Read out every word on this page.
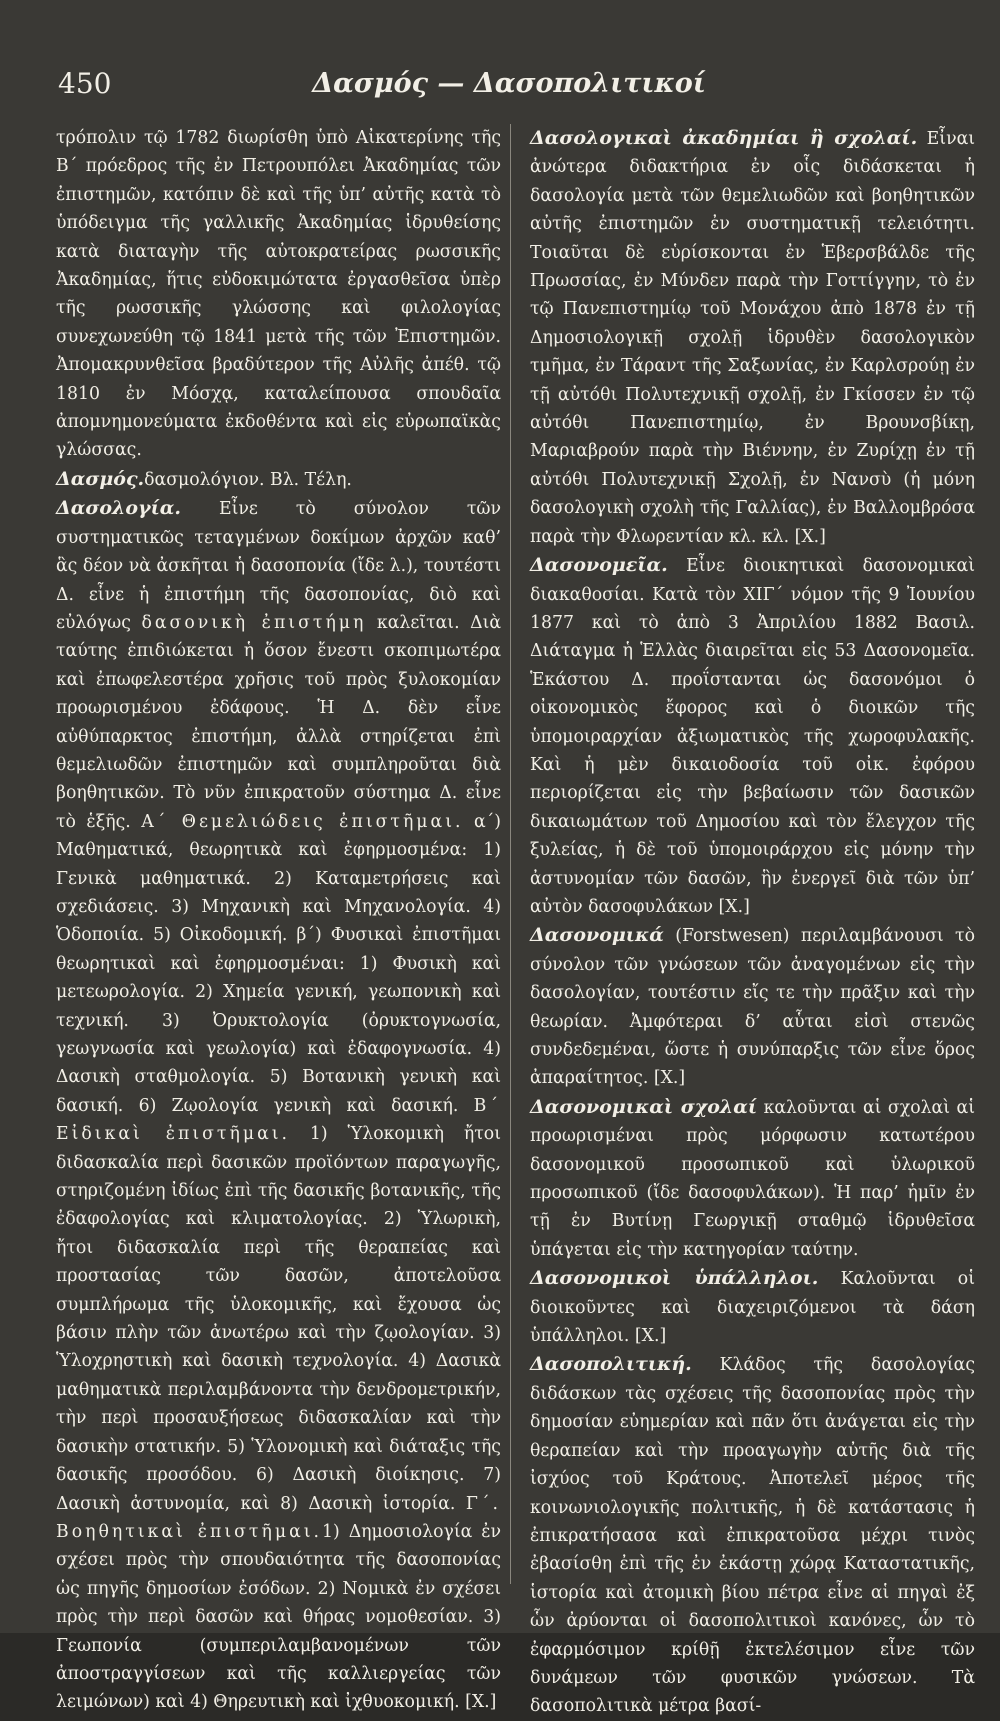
450	Δασμός — Δασοπολιτικοί

τρόπολιν τῷ 1782 διωρίσθη ὑπὸ Αἰκατερίνης τῆς Β΄ πρόεδρος τῆς ἐν Πετρουπόλει Ἀκαδημίας τῶν ἐπιστημῶν, κατόπιν δὲ καὶ τῆς ὑπ’ αὐτῆς κατὰ τὸ ὑπόδειγμα τῆς γαλλικῆς Ἀκαδημίας ἱδρυθείσης κατὰ διαταγὴν τῆς αὐτοκρατείρας ρωσσικῆς Ἀκαδημίας, ἥτις εὐδοκιμώτατα ἐργασθεῖσα ὑπὲρ τῆς ρωσσικῆς γλώσσης καὶ φιλολογίας συνεχωνεύθη τῷ 1841 μετὰ τῆς τῶν Ἐπιστημῶν. Ἀπομακρυνθεῖσα βραδύτερον τῆς Αὐλῆς ἀπέθ. τῷ 1810 ἐν Μόσχᾳ, καταλείπουσα σπουδαῖα ἀπομνημονεύματα ἐκδοθέντα καὶ εἰς εὐρωπαϊκὰς γλώσσας.

Δασμός.δασμολόγιον. Βλ. Τέλη.

Δασολογία. Εἶνε τὸ σύνολον τῶν συστηματικῶς τεταγμένων δοκίμων ἀρχῶν καθ’ ἃς δέον νὰ ἀσκῆται ἡ δασοπονία (ἴδε λ.), τουτέστι Δ. εἶνε ἡ ἐπιστήμη τῆς δασοπονίας, διὸ καὶ εὐλόγως δασονικὴ ἐπιστήμη καλεῖται. Διὰ ταύτης ἐπιδιώκεται ἡ ὅσον ἔνεστι σκοπιμωτέρα καὶ ἐπωφελεστέρα χρῆσις τοῦ πρὸς ξυλοκομίαν προωρισμένου ἐδάφους. Ἡ Δ. δὲν εἶνε αὐθύπαρκτος ἐπιστήμη, ἀλλὰ στηρίζεται ἐπὶ θεμελιωδῶν ἐπιστημῶν καὶ συμπληροῦται διὰ βοηθητικῶν. Τὸ νῦν ἐπικρατοῦν σύστημα Δ. εἶνε τὸ ἑξῆς. Α΄ Θεμελιώδεις ἐπιστῆμαι. α΄) Μαθηματικά, θεωρητικὰ καὶ ἐφηρμοσμένα: 1) Γενικὰ μαθηματικά. 2) Καταμετρήσεις καὶ σχεδιάσεις. 3) Μηχανικὴ καὶ Μηχανολογία. 4) Ὁδοποιία. 5) Οἰκοδομική. β΄) Φυσικαὶ ἐπιστῆμαι θεωρητικαὶ καὶ ἐφηρμοσμέναι: 1) Φυσικὴ καὶ μετεωρολογία. 2) Χημεία γενική, γεωπονικὴ καὶ τεχνική. 3) Ὀρυκτολογία (ὀρυκτογνωσία, γεωγνωσία καὶ γεωλογία) καὶ ἐδαφογνωσία. 4) Δασικὴ σταθμολογία. 5) Βοτανικὴ γενικὴ καὶ δασική. 6) Ζῳολογία γενικὴ καὶ δασική. Β΄ Εἰδικαὶ ἐπιστῆμαι. 1) Ὑλοκομικὴ ἤτοι διδασκαλία περὶ δασικῶν προϊόντων παραγωγῆς, στηριζομένη ἰδίως ἐπὶ τῆς δασικῆς βοτανικῆς, τῆς ἐδαφολογίας καὶ κλιματολογίας. 2) Ὑλωρικὴ, ἤτοι διδασκαλία περὶ τῆς θεραπείας καὶ προστασίας τῶν δασῶν, ἀποτελοῦσα συμπλήρωμα τῆς ὑλοκομικῆς, καὶ ἔχουσα ὡς βάσιν πλὴν τῶν ἀνωτέρω καὶ τὴν ζῳολογίαν. 3) Ὑλοχρηστικὴ καὶ δασικὴ τεχνολογία. 4) Δασικὰ μαθηματικὰ περιλαμβάνοντα τὴν δενδρομετρικήν, τὴν περὶ προσαυξήσεως διδασκαλίαν καὶ τὴν δασικὴν στατικήν. 5) Ὑλονομικὴ καὶ διάταξις τῆς δασικῆς προσόδου. 6) Δασικὴ διοίκησις. 7) Δασικὴ ἀστυνομία, καὶ 8) Δασικὴ ἱστορία. Γ΄. Βοηθητικαὶ ἐπιστῆμαι.1) Δημοσιολογία ἐν σχέσει πρὸς τὴν σπουδαιότητα τῆς δασοπονίας ὡς πηγῆς δημοσίων ἐσόδων. 2) Νομικὰ ἐν σχέσει πρὸς τὴν περὶ δασῶν καὶ θήρας νομοθεσίαν. 3) Γεωπονία (συμπεριλαμβανομένων τῶν ἀποστραγγίσεων καὶ τῆς καλλιεργείας τῶν λειμώνων) καὶ 4) Θηρευτικὴ καὶ ἰχθυοκομική. [Χ.]

Δασολογικαὶ ἀκαδημίαι ἢ σχολαί. Εἶναι ἀνώτερα διδακτήρια ἐν οἷς διδάσκεται ἡ δασολογία μετὰ τῶν θεμελιωδῶν καὶ βοηθητικῶν αὐτῆς ἐπιστημῶν ἐν συστηματικῇ τελειότητι. Τοιαῦται δὲ εὑρίσκονται ἐν Ἑβερσβάλδε τῆς Πρωσσίας, ἐν Μύνδεν παρὰ τὴν Γοττίγγην, τὸ ἐν τῷ Πανεπιστημίῳ τοῦ Μονάχου ἀπὸ 1878 ἐν τῇ Δημοσιολογικῇ σχολῇ ἱδρυθὲν δασολογικὸν τμῆμα, ἐν Τάραντ τῆς Σαξωνίας, ἐν Καρλσρούῃ ἐν τῇ αὐτόθι Πολυτεχνικῇ σχολῇ, ἐν Γκίσσεν ἐν τῷ αὐτόθι Πανεπιστημίῳ, ἐν Βρουνσβίκῃ, Μαριαβρούν παρὰ τὴν Βιέννην, ἐν Ζυρίχῃ ἐν τῇ αὐτόθι Πολυτεχνικῇ Σχολῇ, ἐν Νανσὺ (ἡ μόνη δασολογικὴ σχολὴ τῆς Γαλλίας), ἐν Βαλλομβρόσα παρὰ τὴν Φλωρεντίαν κλ. κλ. [Χ.]

Δασονομεῖα. Εἶνε διοικητικαὶ δασονομικαὶ διακαθοσίαι. Κατὰ τὸν ΧΙΓ΄ νόμον τῆς 9 Ἰουνίου 1877 καὶ τὸ ἀπὸ 3 Ἀπριλίου 1882 Βασιλ. Διάταγμα ἡ Ἑλλὰς διαιρεῖται εἰς 53 Δασονομεῖα. Ἑκάστου Δ. προΐστανται ὡς δασονόμοι ὁ οἰκονομικὸς ἔφορος καὶ ὁ διοικῶν τῆς ὑπομοιραρχίαν ἀξιωματικὸς τῆς χωροφυλακῆς. Καὶ ἡ μὲν δικαιοδοσία τοῦ οἰκ. ἐφόρου περιορίζεται εἰς τὴν βεβαίωσιν τῶν δασικῶν δικαιωμάτων τοῦ Δημοσίου καὶ τὸν ἔλεγχον τῆς ξυλείας, ἡ δὲ τοῦ ὑπομοιράρχου εἰς μόνην τὴν ἀστυνομίαν τῶν δασῶν, ἣν ἐνεργεῖ διὰ τῶν ὑπ’ αὐτὸν δασοφυλάκων [Χ.]

Δασονομικά (Forstwesen) περιλαμβάνουσι τὸ σύνολον τῶν γνώσεων τῶν ἀναγομένων εἰς τὴν δασολογίαν, τουτέστιν εἴς τε τὴν πρᾶξιν καὶ τὴν θεωρίαν. Ἀμφότεραι δ’ αὗται εἰσὶ στενῶς συνδεδεμέναι, ὥστε ἡ συνύπαρξις τῶν εἶνε ὅρος ἀπαραίτητος. [Χ.]

Δασονομικαὶ σχολαί καλοῦνται αἱ σχολαὶ αἱ προωρισμέναι πρὸς μόρφωσιν κατωτέρου δασονομικοῦ προσωπικοῦ καὶ ὑλωρικοῦ προσωπικοῦ (ἴδε δασοφυλάκων). Ἡ παρ’ ἡμῖν ἐν τῇ ἐν Βυτίνῃ Γεωργικῇ σταθμῷ ἱδρυθεῖσα ὑπάγεται εἰς τὴν κατηγορίαν ταύτην.

Δασονομικοὶ ὑπάλληλοι. Καλοῦνται οἱ διοικοῦντες καὶ διαχειριζόμενοι τὰ δάση ὑπάλληλοι. [Χ.]

Δασοπολιτική. Κλάδος τῆς δασολογίας διδάσκων τὰς σχέσεις τῆς δασοπονίας πρὸς τὴν δημοσίαν εὐημερίαν καὶ πᾶν ὅτι ἀνάγεται εἰς τὴν θεραπείαν καὶ τὴν προαγωγὴν αὐτῆς διὰ τῆς ἰσχύος τοῦ Κράτους. Ἀποτελεῖ μέρος τῆς κοινωνιολογικῆς πολιτικῆς, ἡ δὲ κατάστασις ἡ ἐπικρατήσασα καὶ ἐπικρατοῦσα μέχρι τινὸς ἐβασίσθη ἐπὶ τῆς ἐν ἐκάστῃ χώρᾳ Καταστατικῆς, ἱστορία καὶ ἀτομικὴ βίου πέτρα εἶνε αἱ πηγαὶ ἐξ ὧν ἀρύονται οἱ δασοπολιτικοὶ κανόνες, ὧν τὸ ἐφαρμόσιμον κρίθῇ ἐκτελέσιμον εἶνε τῶν δυνάμεων τῶν φυσικῶν γνώσεων. Τὰ δασοπολιτικὰ μέτρα βασί-
